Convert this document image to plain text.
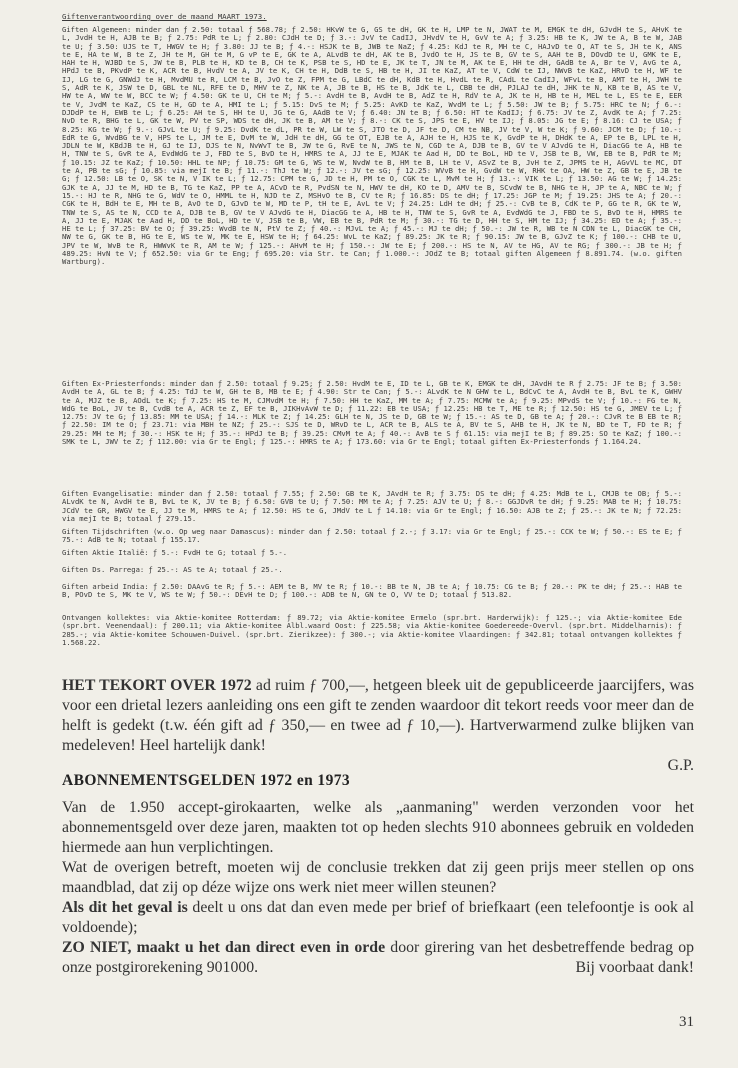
Giftenverantwoording over de maand MAART 1973.

Giften Algemeen: minder dan ƒ 2.50: totaal ƒ 568.78; ƒ 2.50: HKvW te G, GS te dH, GK te H, LMP te N, JWAT te M, EMGK te dH, GJvdH te S, AHvK te L, JvdH te H, AJB te B; ƒ 2.75: PdR te L; ƒ 2.80: CJdH te D; ƒ 3.-: JvV te CadIJ, JHvdV te H, GvV te A; ƒ 3.25: HB te K, JW te A, B te W, JAB te U; ƒ 3.50: UJS te T, HWGV te H; ƒ 3.80: JJ te B; ƒ 4.-: HSJK te B, JWB te NaZ; ƒ 4.25: KdJ te R, MH te C, HAJvD te O, AT te S, JH te K, ANS te E, HA te W, B te Z, JH te M, GH te M, G vP te E, GK te A, ALvdB te dH, AK te B, JvdO te H, JS te B, GV te S, AAH te B, DOvdD te U, GMK te E, HAH te H, WJBD te S, JW te B, PLB te H, KD te B, CH te K, PSB te S, HD te E, JK te T, JN te M, AK te E, HH te dH, GAdB te A, Br te V, AvG te A, HPdJ te B, PKvdP te K, ACR te B, HvdV te A, JV te K, CH te H, DdB te S, HB te H, JI te KaZ, AT te V, CdW te IJ, NWvB te KaZ, HRvD te H, WF te IJ, LG te G, GNWdJ te H, MvdMU te R, LCM te B, JvO te Z, FPM te G, LBdC te dH, KdB te H, HvdL te R, CAdL te CadIJ, WFvL te B, AMT te H, JWH te S, AdR te K, JSW te D, GBL te NL, RFE te D, MHV te Z, NK te A, JB te B, HS te B, JdK te L, CBB te dH, PJLAJ te dH, JHK te N, KB te B, AS te V, HW te A, WW te W, BCC te W; ƒ 4.50: GK te U, CH te M; ƒ 5.-: AvdH te B, AvdH te B, AdZ te H, RdV te A, JK te H, HB te H, MEL te L, ES te E, EER te V, JvdM te KaZ, CS te H, GD te A, HMI te L; ƒ 5.15: DvS te M; ƒ 5.25: AvKD te KaZ, WvdM te L; ƒ 5.50: JW te B; ƒ 5.75: HRC te N; ƒ 6.-: DJDdP te H, EWB te L; ƒ 6.25: AH te S, HH te U, JG te G, AAdB te V; ƒ 6.40: JN te B; ƒ 6.50: HT te KadIJ; ƒ 6.75: JV te Z, AvdK te A; ƒ 7.25: NvD te R, BHG te L, GK te W, PV te SP, WDS te dH, JK te B, AM te V; ƒ 8.-: CK te S, JPS te E, HV te IJ; ƒ 8.05: JG te E; ƒ 8.16: CJ te USA; ƒ 8.25: KG te W; ƒ 9.-: GJvL te U; ƒ 9.25: DvdK te dL, PR te W, LW te S, JTO te D, JF te D, CM te NB, JV te V, W te K; ƒ 9.60: JCM te D; ƒ 10.-: EdR te G, WvdBG te V, HPS te L, JM te E, DvM te W, JdH te dH, GG te OT, EJB te A, AJH te H, HJS te K, GvdP te H, DHdK te A, EP te B, LPL te H, JDLN te W, KBdJB te H, GJ te IJ, DJS te N, NvWvT te B, JW te G, RvE te N, JWS te N, CGD te A, DJB te B, GV te V AJvdG te H, DiacGG te A, HB te H, TNW te S, GvR te A, EvdWdG te J, FBD te S, BvD te H, HMRS te A, JJ te E, MJAK te Aad H, DD te BoL, HD te V, JSB te B, VW, EB te B, PdR te M; ƒ 10.15: JZ te KaZ; ƒ 10.50: HHL te NP; ƒ 10.75: GM te G, WS te W, NvdW te B, HM te B, LH te V, ASvZ te B, JvH te Z, JPMS te H, AGvVL te MC, DT te A, PB te sG; ƒ 10.85: via mejI te B; ƒ 11.-: ThJ te W; ƒ 12.-: JV te sG; ƒ 12.25: WVvB te H, GvdW te W, RHK te OA, HW te Z, GB te E, JB te G; ƒ 12.50: LB te O, SK te N, V IK te L; ƒ 12.75: CPM te G, JD te H, PM te O, CGK te L, MvM te H; ƒ 13.-: VIK te L; ƒ 13.50: AG te W; ƒ 14.25: GJK te A, JJ te M, HD te B, TG te KaZ, PP te A, ACvD te R, PvdSN te N, HWV te dH, KO te D, AMV te B, SCvdW te B, NHG te H, JP te A, NBC te W; ƒ 15.-: HJ te R, NHG te G, WdV te O, HMML te H, NJD te Z, MSHvO te B, CV te R; ƒ 16.85: DS te dH; ƒ 17.25: JGP te M; ƒ 19.25: JHS te A; ƒ 20.-: CGK te H, BdH te E, MH te B, AvO te D, GJvD te W, MD te P, tH te E, AvL te V; ƒ 24.25: LdH te dH; ƒ 25.-: CvB te B, CdK te P, GG te R, GK te W, TNW te S, AS te N, CCD te A, DJB te B, GV te V AJvdG te H, DiacGG te A, HB te H, TNW te S, GvR te A, EvdWdG te J, FBD te S, BvD te H, HMRS te A, JJ te E, MJAK te Aad H, DD te BoL, HD te V, JSB te B, VW, EB te B, PdR te M; ƒ 30.-: TG te D, HH te S, HM te IJ; ƒ 34.25: ED te A; ƒ 35.-: HE te L; ƒ 37.25: BV te O; ƒ 39.25: WvdB te N, PtV te Z; ƒ 40.-: MJvL te A; ƒ 45.-: MJ te dH; ƒ 50.-: JW te R, WB te N CDN te L, DiacGK te CH, NW te G, GK te B, HG te E, WS te W, MK te E, HSW te H; ƒ 64.25: WvL te KaZ; ƒ 89.25: JK te R; ƒ 90.15: JW te B, GJvZ te K; ƒ 100.-: CHB te U, JPV te W, WvB te R, HWWvK te R, AM te W; ƒ 125.-: AHvM te H; ƒ 150.-: JW te E; ƒ 200.-: HS te N, AV te HG, AV te RG; ƒ 300.-: JB te H; ƒ 489.25: HvN te V; ƒ 652.50: via Gr te Eng; ƒ 695.20: via Str. te Can; ƒ 1.000.-: JOdZ te B; totaal giften Algemeen ƒ 8.891.74. (w.o. giften Wartburg).

Giften Ex-Priesterfonds: minder dan ƒ 2.50: totaal ƒ 9.25; ƒ 2.50: HvdM te E, ID te L, GB te K, EMGK te dH, JAvdH te R ƒ 2.75: JF te B; ƒ 3.50: AvdH te A, GL te B; ƒ 4.25: TdJ te W, GH te B, MB te E; ƒ 4.90: Str te Can; ƒ 5.-: ALvdK te N GHW te L, BdCvC te A, AvdH te B, BvL te K, GWHV te A, MJZ te B, AOdL te K; ƒ 7.25: HS te M, CJMvdM te H; ƒ 7.50: HH te KaZ, MM te A; ƒ 7.75: MCMW te A; ƒ 9.25: MPvdS te V; ƒ 10.-: FG te N, WdG te BoL, JV te B, CvdB te A, ACR te Z, EF te B, JIKHvAvW te D; ƒ 11.22: EB te USA; ƒ 12.25: HB te T, ME te R; ƒ 12.50: HS te G, JMEV te L; ƒ 12.75: JV te G; ƒ 13.85: MM te USA; ƒ 14.-: MLK te Z; ƒ 14.25: GLH te N, JS te D, GB te W; ƒ 15.-: AS te D, GB te A; ƒ 20.-: CJvR te B EB te R; ƒ 22.50: IM te O; ƒ 23.71: via MBH te NZ; ƒ 25.-: SJS te D, WRvD te L, ACR te B, ALS te A, BV te S, AHB te H, JK te N, BD te T, FD te R; ƒ 29.25: MH te M; ƒ 30.-: HSK te H; ƒ 35.-: HPdJ te B; ƒ 39.25: CMvM te A; ƒ 40.-: AvB te S ƒ 61.15: via mejI te B; ƒ 89.25: SO te KaZ; ƒ 100.-: SMK te L, JWV te Z; ƒ 112.00: via Gr te Engl; ƒ 125.-: HMRS te A; ƒ 173.60: via Gr te Engl; totaal giften Ex-Priesterfonds ƒ 1.164.24.

Giften Evangelisatie: minder dan ƒ 2.50: totaal ƒ 7.55; ƒ 2.50: GB te K, JAvdH te R; ƒ 3.75: DS te dH; ƒ 4.25: MdB te L, CMJB te OB; ƒ 5.-: ALvdK te N, AvdH te B, BvL te K, JV te B; ƒ 6.50: GVB te U; ƒ 7.50: MM te A; ƒ 7.25: AJV te U; ƒ 8.-: GGJDvR te dH; ƒ 9.25: MAB te H; ƒ 10.75: JCdV te GR, HWGV te E, JJ te M, HMRS te A; ƒ 12.50: HS te G, JMdV te L ƒ 14.10: via Gr te Engl; ƒ 16.50: AJB te Z; ƒ 25.-: JK te N; ƒ 72.25: via mejI te B; totaal ƒ 279.15.

Giften Tijdschriften (w.o. Op weg naar Damascus): minder dan ƒ 2.50: totaal ƒ 2.-; ƒ 3.17: via Gr te Engl; ƒ 25.-: CCK te W; ƒ 50.-: ES te E; ƒ 75.-: AdB te N; totaal ƒ 155.17.

Giften Aktie Italië: ƒ 5.-: FvdH te G; totaal ƒ 5.-.

Giften Ds. Parrega: ƒ 25.-: AS te A; totaal ƒ 25.-.

Giften arbeid India: ƒ 2.50: DAAvG te R; ƒ 5.-: AEM te B, MV te R; ƒ 10.-: BB te N, JB te A; ƒ 10.75: CG te B; ƒ 20.-: PK te dH; ƒ 25.-: HAB te B, POvD te S, MK te V, WS te W; ƒ 50.-: DEvH te D; ƒ 100.-: ADB te N, GN te O, VV te D; totaal ƒ 513.82.

Ontvangen kollektes: via Aktie-komitee Rotterdam: ƒ 89.72; via Aktie-komitee Ermelo (spr.brt. Harderwijk): ƒ 125.-; via Aktie-komitee Ede (spr.brt. Veenendaal): ƒ 200.11; via Aktie-komitee Albl.waard Oost: ƒ 225.58; via Aktie-komitee Goedereede-Overvl. (spr.brt. Middelharnis): ƒ 285.-; via Aktie-komitee Schouwen-Duivel. (spr.brt. Zierikzee): ƒ 300.-; via Aktie-komitee Vlaardingen: ƒ 342.81; totaal ontvangen kollektes ƒ 1.568.22.

HET TEKORT OVER 1972 ad ruim ƒ 700,—, hetgeen bleek uit de gepubliceerde jaarcijfers, was voor een drietal lezers aanleiding ons een gift te zenden waardoor dit tekort reeds voor meer dan de helft is gedekt (t.w. één gift ad ƒ 350,— en twee ad ƒ 10,—). Hartverwarmend zulke blijken van medeleven! Heel hartelijk dank!
G.P.
ABONNEMENTSGELDEN 1972 en 1973
Van de 1.950 accept-girokaarten, welke als „aanmaning" werden verzonden voor het abonnementsgeld over deze jaren, maakten tot op heden slechts 910 abonnees gebruik en voldeden hiermede aan hun verplichtingen.
Wat de overigen betreft, moeten wij de conclusie trekken dat zij geen prijs meer stellen op ons maandblad, dat zij op déze wijze ons werk niet meer willen steunen?
Als dit het geval is deelt u ons dat dan even mede per brief of briefkaart (een telefoontje is ook al voldoende);
ZO NIET, maakt u het dan direct even in orde door girering van het desbetreffende bedrag op onze postgirorekening 901000.	Bij voorbaat dank!
31
